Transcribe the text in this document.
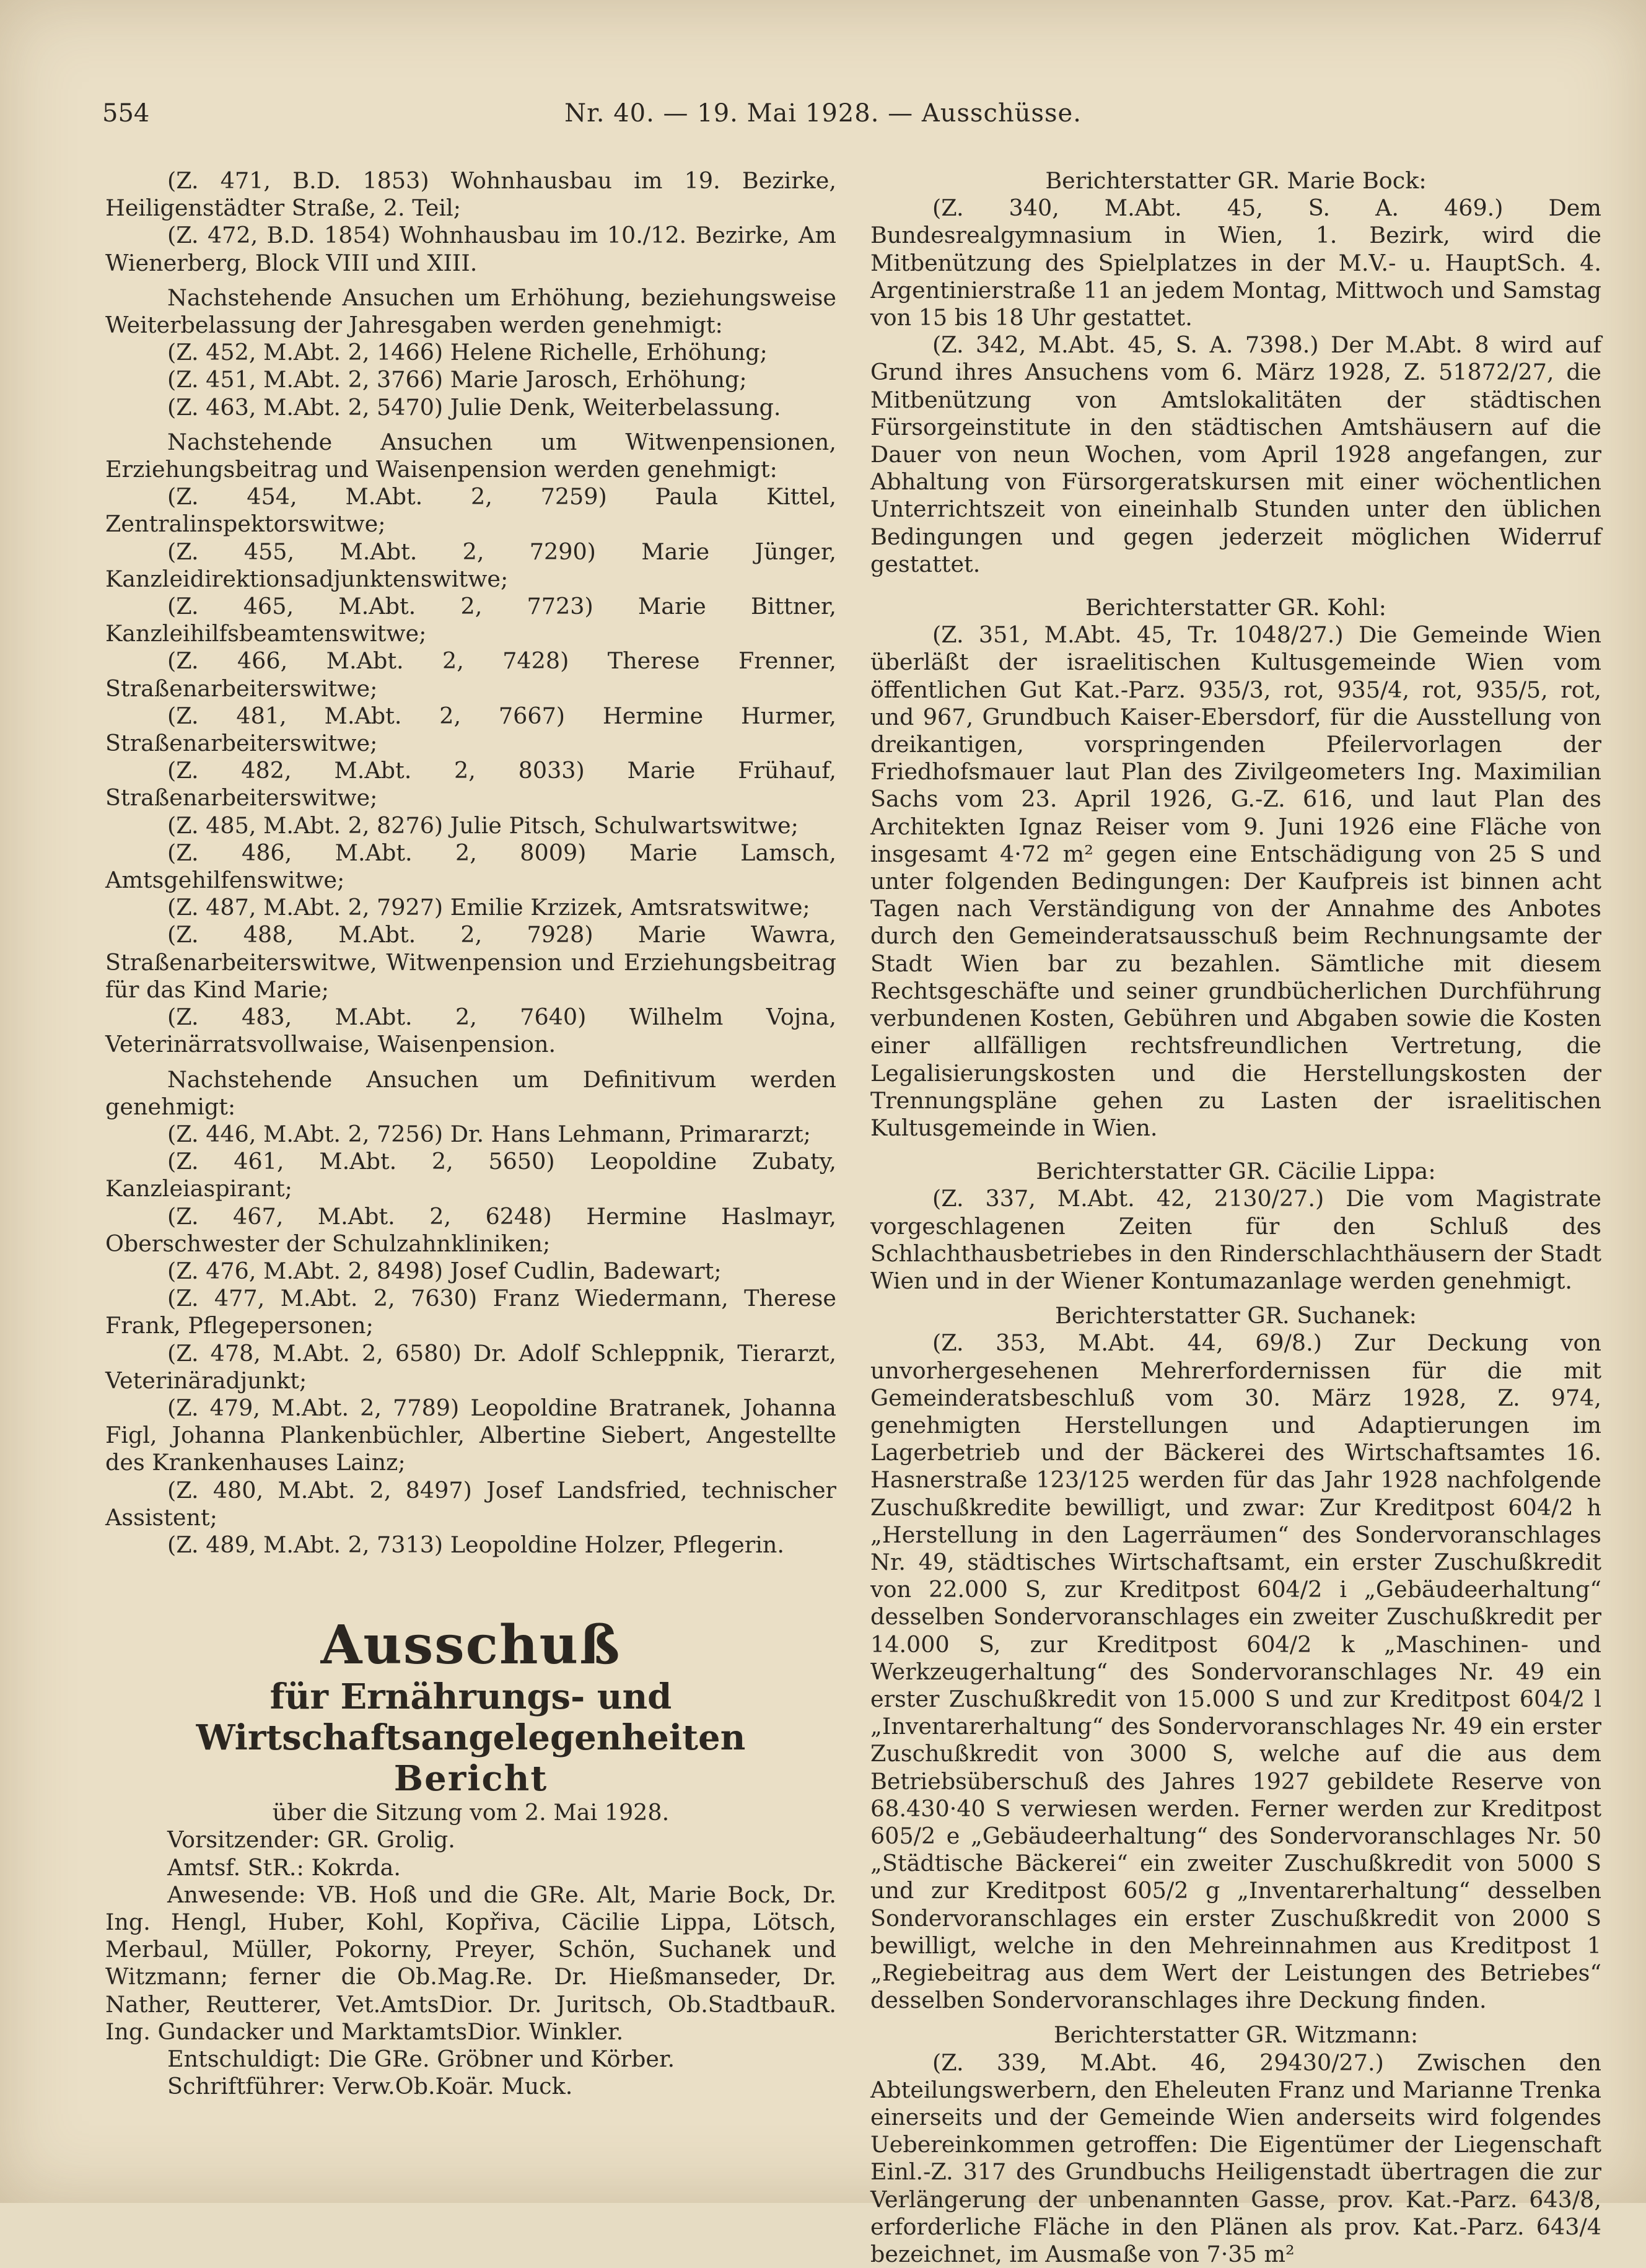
554	Nr. 40. — 19. Mai 1928. — Ausschüsse.

(Z. 471, B.D. 1853) Wohnhausbau im 19. Bezirke, Heiligenstädter Straße, 2. Teil;

(Z. 472, B.D. 1854) Wohnhausbau im 10./12. Bezirke, Am Wienerberg, Block VIII und XIII.

Nachstehende Ansuchen um Erhöhung, beziehungsweise Weiterbelassung der Jahresgaben werden genehmigt:

(Z. 452, M.Abt. 2, 1466) Helene Richelle, Erhöhung;

(Z. 451, M.Abt. 2, 3766) Marie Jarosch, Erhöhung;

(Z. 463, M.Abt. 2, 5470) Julie Denk, Weiterbelassung.

Nachstehende Ansuchen um Witwenpensionen, Erziehungsbeitrag und Waisenpension werden genehmigt:

(Z. 454, M.Abt. 2, 7259) Paula Kittel, Zentralinspektorswitwe;

(Z. 455, M.Abt. 2, 7290) Marie Jünger, Kanzleidirektionsadjunktenswitwe;

(Z. 465, M.Abt. 2, 7723) Marie Bittner, Kanzleihilfsbeamtenswitwe;

(Z. 466, M.Abt. 2, 7428) Therese Frenner, Straßenarbeiterswitwe;

(Z. 481, M.Abt. 2, 7667) Hermine Hurmer, Straßenarbeiterswitwe;

(Z. 482, M.Abt. 2, 8033) Marie Frühauf, Straßenarbeiterswitwe;

(Z. 485, M.Abt. 2, 8276) Julie Pitsch, Schulwartswitwe;

(Z. 486, M.Abt. 2, 8009) Marie Lamsch, Amtsgehilfenswitwe;

(Z. 487, M.Abt. 2, 7927) Emilie Krzizek, Amtsratswitwe;

(Z. 488, M.Abt. 2, 7928) Marie Wawra, Straßenarbeiterswitwe, Witwenpension und Erziehungsbeitrag für das Kind Marie;

(Z. 483, M.Abt. 2, 7640) Wilhelm Vojna, Veterinärratsvollwaise, Waisenpension.

Nachstehende Ansuchen um Definitivum werden genehmigt:

(Z. 446, M.Abt. 2, 7256) Dr. Hans Lehmann, Primararzt;

(Z. 461, M.Abt. 2, 5650) Leopoldine Zubaty, Kanzleiaspirant;

(Z. 467, M.Abt. 2, 6248) Hermine Haslmayr, Oberschwester der Schulzahnkliniken;

(Z. 476, M.Abt. 2, 8498) Josef Cudlin, Badewart;

(Z. 477, M.Abt. 2, 7630) Franz Wiedermann, Therese Frank, Pflegepersonen;

(Z. 478, M.Abt. 2, 6580) Dr. Adolf Schleppnik, Tierarzt, Veterinäradjunkt;

(Z. 479, M.Abt. 2, 7789) Leopoldine Bratranek, Johanna Figl, Johanna Plankenbüchler, Albertine Siebert, Angestellte des Krankenhauses Lainz;

(Z. 480, M.Abt. 2, 8497) Josef Landsfried, technischer Assistent;

(Z. 489, M.Abt. 2, 7313) Leopoldine Holzer, Pflegerin.

Ausschuß
für Ernährungs- und Wirtschaftsangelegenheiten
Bericht

über die Sitzung vom 2. Mai 1928.

Vorsitzender: GR. Grolig.

Amtsf. StR.: Kokrda.

Anwesende: VB. Hoß und die GRe. Alt, Marie Bock, Dr. Ing. Hengl, Huber, Kohl, Kopřiva, Cäcilie Lippa, Lötsch, Merbaul, Müller, Pokorny, Preyer, Schön, Suchanek und Witzmann; ferner die Ob.Mag.Re. Dr. Hießmanseder, Dr. Nather, Reutterer, Vet.AmtsDior. Dr. Juritsch, Ob.StadtbauR. Ing. Gundacker und MarktamtsDior. Winkler.

Entschuldigt: Die GRe. Gröbner und Körber.

Schriftführer: Verw.Ob.Koär. Muck.

Berichterstatter GR. Marie Bock:

(Z. 340, M.Abt. 45, S. A. 469.) Dem Bundesrealgymnasium in Wien, 1. Bezirk, wird die Mitbenützung des Spielplatzes in der M.V.- u. HauptSch. 4. Argentinierstraße 11 an jedem Montag, Mittwoch und Samstag von 15 bis 18 Uhr gestattet.

(Z. 342, M.Abt. 45, S. A. 7398.) Der M.Abt. 8 wird auf Grund ihres Ansuchens vom 6. März 1928, Z. 51872/27, die Mitbenützung von Amtslokalitäten der städtischen Fürsorgeinstitute in den städtischen Amtshäusern auf die Dauer von neun Wochen, vom April 1928 angefangen, zur Abhaltung von Fürsorgeratskursen mit einer wöchentlichen Unterrichtszeit von eineinhalb Stunden unter den üblichen Bedingungen und gegen jederzeit möglichen Widerruf gestattet.

Berichterstatter GR. Kohl:

(Z. 351, M.Abt. 45, Tr. 1048/27.) Die Gemeinde Wien überläßt der israelitischen Kultusgemeinde Wien vom öffentlichen Gut Kat.-Parz. 935/3, rot, 935/4, rot, 935/5, rot, und 967, Grundbuch Kaiser-Ebersdorf, für die Ausstellung von dreikantigen, vorspringenden Pfeilervorlagen der Friedhofsmauer laut Plan des Zivilgeometers Ing. Maximilian Sachs vom 23. April 1926, G.-Z. 616, und laut Plan des Architekten Ignaz Reiser vom 9. Juni 1926 eine Fläche von insgesamt 4·72 m² gegen eine Entschädigung von 25 S und unter folgenden Bedingungen: Der Kaufpreis ist binnen acht Tagen nach Verständigung von der Annahme des Anbotes durch den Gemeinderatsausschuß beim Rechnungsamte der Stadt Wien bar zu bezahlen. Sämtliche mit diesem Rechtsgeschäfte und seiner grundbücherlichen Durchführung verbundenen Kosten, Gebühren und Abgaben sowie die Kosten einer allfälligen rechtsfreundlichen Vertretung, die Legalisierungskosten und die Herstellungskosten der Trennungspläne gehen zu Lasten der israelitischen Kultusgemeinde in Wien.

Berichterstatter GR. Cäcilie Lippa:

(Z. 337, M.Abt. 42, 2130/27.) Die vom Magistrate vorgeschlagenen Zeiten für den Schluß des Schlachthausbetriebes in den Rinderschlachthäusern der Stadt Wien und in der Wiener Kontumazanlage werden genehmigt.

Berichterstatter GR. Suchanek:

(Z. 353, M.Abt. 44, 69/8.) Zur Deckung von unvorhergesehenen Mehrerfordernissen für die mit Gemeinderatsbeschluß vom 30. März 1928, Z. 974, genehmigten Herstellungen und Adaptierungen im Lagerbetrieb und der Bäckerei des Wirtschaftsamtes 16. Hasnerstraße 123/125 werden für das Jahr 1928 nachfolgende Zuschußkredite bewilligt, und zwar: Zur Kreditpost 604/2 h „Herstellung in den Lagerräumen“ des Sondervoranschlages Nr. 49, städtisches Wirtschaftsamt, ein erster Zuschußkredit von 22.000 S, zur Kreditpost 604/2 i „Gebäudeerhaltung“ desselben Sondervoranschlages ein zweiter Zuschußkredit per 14.000 S, zur Kreditpost 604/2 k „Maschinen- und Werkzeugerhaltung“ des Sondervoranschlages Nr. 49 ein erster Zuschußkredit von 15.000 S und zur Kreditpost 604/2 l „Inventarerhaltung“ des Sondervoranschlages Nr. 49 ein erster Zuschußkredit von 3000 S, welche auf die aus dem Betriebsüberschuß des Jahres 1927 gebildete Reserve von 68.430·40 S verwiesen werden. Ferner werden zur Kreditpost 605/2 e „Gebäudeerhaltung“ des Sondervoranschlages Nr. 50 „Städtische Bäckerei“ ein zweiter Zuschußkredit von 5000 S und zur Kreditpost 605/2 g „Inventarerhaltung“ desselben Sondervoranschlages ein erster Zuschußkredit von 2000 S bewilligt, welche in den Mehreinnahmen aus Kreditpost 1 „Regiebeitrag aus dem Wert der Leistungen des Betriebes“ desselben Sondervoranschlages ihre Deckung finden.

Berichterstatter GR. Witzmann:

(Z. 339, M.Abt. 46, 29430/27.) Zwischen den Abteilungswerbern, den Eheleuten Franz und Marianne Trenka einerseits und der Gemeinde Wien anderseits wird folgendes Uebereinkommen getroffen: Die Eigentümer der Liegenschaft Einl.-Z. 317 des Grundbuchs Heiligenstadt übertragen die zur Verlängerung der unbenannten Gasse, prov. Kat.-Parz. 643/8, erforderliche Fläche in den Plänen als prov. Kat.-Parz. 643/4 bezeichnet, im Ausmaße von 7·35 m²
